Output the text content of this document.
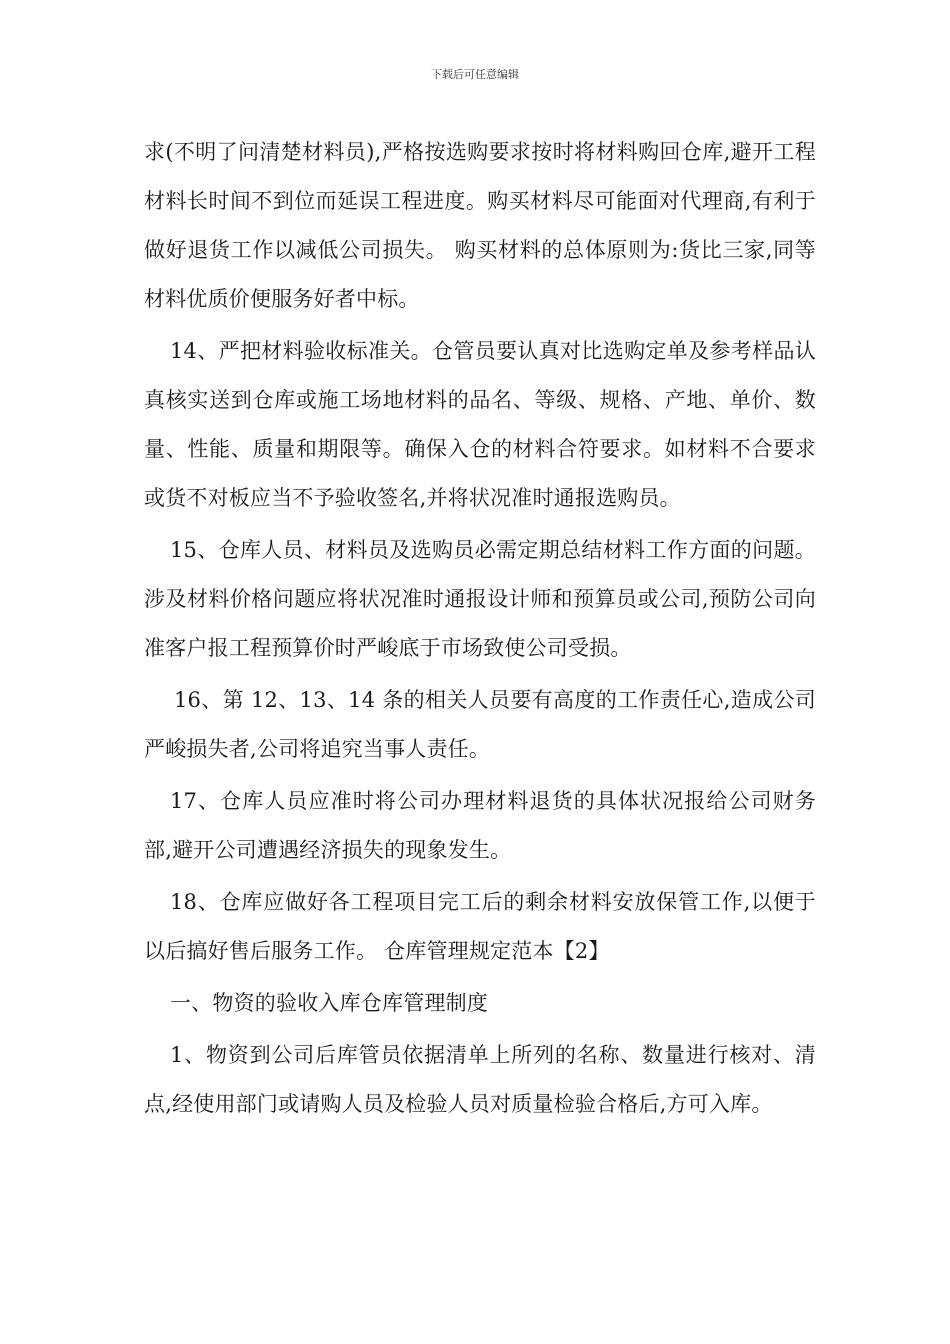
下载后可任意编辑

求(不明了问清楚材料员),严格按选购要求按时将材料购回仓库,避开工程材料长时间不到位而延误工程进度。购买材料尽可能面对代理商,有利于做好退货工作以减低公司损失。 购买材料的总体原则为:货比三家,同等材料优质价便服务好者中标。

14、严把材料验收标准关。仓管员要认真对比选购定单及参考样品认真核实送到仓库或施工场地材料的品名、等级、规格、产地、单价、数量、性能、质量和期限等。确保入仓的材料合符要求。如材料不合要求或货不对板应当不予验收签名,并将状况准时通报选购员。

15、仓库人员、材料员及选购员必需定期总结材料工作方面的问题。涉及材料价格问题应将状况准时通报设计师和预算员或公司,预防公司向准客户报工程预算价时严峻底于市场致使公司受损。

16、第 12、13、14 条的相关人员要有高度的工作责任心,造成公司严峻损失者,公司将追究当事人责任。

17、仓库人员应准时将公司办理材料退货的具体状况报给公司财务部,避开公司遭遇经济损失的现象发生。

18、仓库应做好各工程项目完工后的剩余材料安放保管工作,以便于以后搞好售后服务工作。 仓库管理规定范本【2】

一、物资的验收入库仓库管理制度

1、物资到公司后库管员依据清单上所列的名称、数量进行核对、清点,经使用部门或请购人员及检验人员对质量检验合格后,方可入库。
